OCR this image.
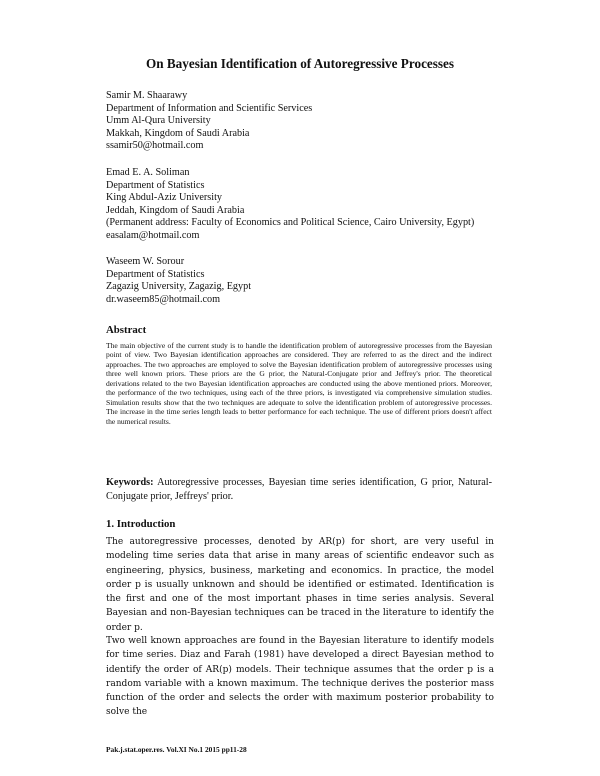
On Bayesian Identification of Autoregressive Processes
Samir M. Shaarawy
Department of Information and Scientific Services
Umm Al-Qura University
Makkah, Kingdom of Saudi Arabia
ssamir50@hotmail.com
Emad E. A. Soliman
Department of Statistics
King Abdul-Aziz University
Jeddah, Kingdom of Saudi Arabia
(Permanent address: Faculty of Economics and Political Science, Cairo University, Egypt)
easalam@hotmail.com
Waseem W. Sorour
Department of Statistics
Zagazig University, Zagazig, Egypt
dr.waseem85@hotmail.com
Abstract
The main objective of the current study is to handle the identification problem of autoregressive processes from the Bayesian point of view. Two Bayesian identification approaches are considered. They are referred to as the direct and the indirect approaches. The two approaches are employed to solve the Bayesian identification problem of autoregressive processes using three well known priors. These priors are the G prior, the Natural-Conjugate prior and Jeffrey's prior. The theoretical derivations related to the two Bayesian identification approaches are conducted using the above mentioned priors. Moreover, the performance of the two techniques, using each of the three priors, is investigated via comprehensive simulation studies. Simulation results show that the two techniques are adequate to solve the identification problem of autoregressive processes. The increase in the time series length leads to better performance for each technique. The use of different priors doesn't affect the numerical results.
Keywords: Autoregressive processes, Bayesian time series identification, G prior, Natural-Conjugate prior, Jeffreys' prior.
1. Introduction
The autoregressive processes, denoted by AR(p) for short, are very useful in modeling time series data that arise in many areas of scientific endeavor such as engineering, physics, business, marketing and economics. In practice, the model order p is usually unknown and should be identified or estimated. Identification is the first and one of the most important phases in time series analysis. Several Bayesian and non-Bayesian techniques can be traced in the literature to identify the order p.
Two well known approaches are found in the Bayesian literature to identify models for time series. Diaz and Farah (1981) have developed a direct Bayesian method to identify the order of AR(p) models. Their technique assumes that the order p is a random variable with a known maximum. The technique derives the posterior mass function of the order and selects the order with maximum posterior probability to solve the
Pak.j.stat.oper.res. Vol.XI No.1 2015 pp11-28
